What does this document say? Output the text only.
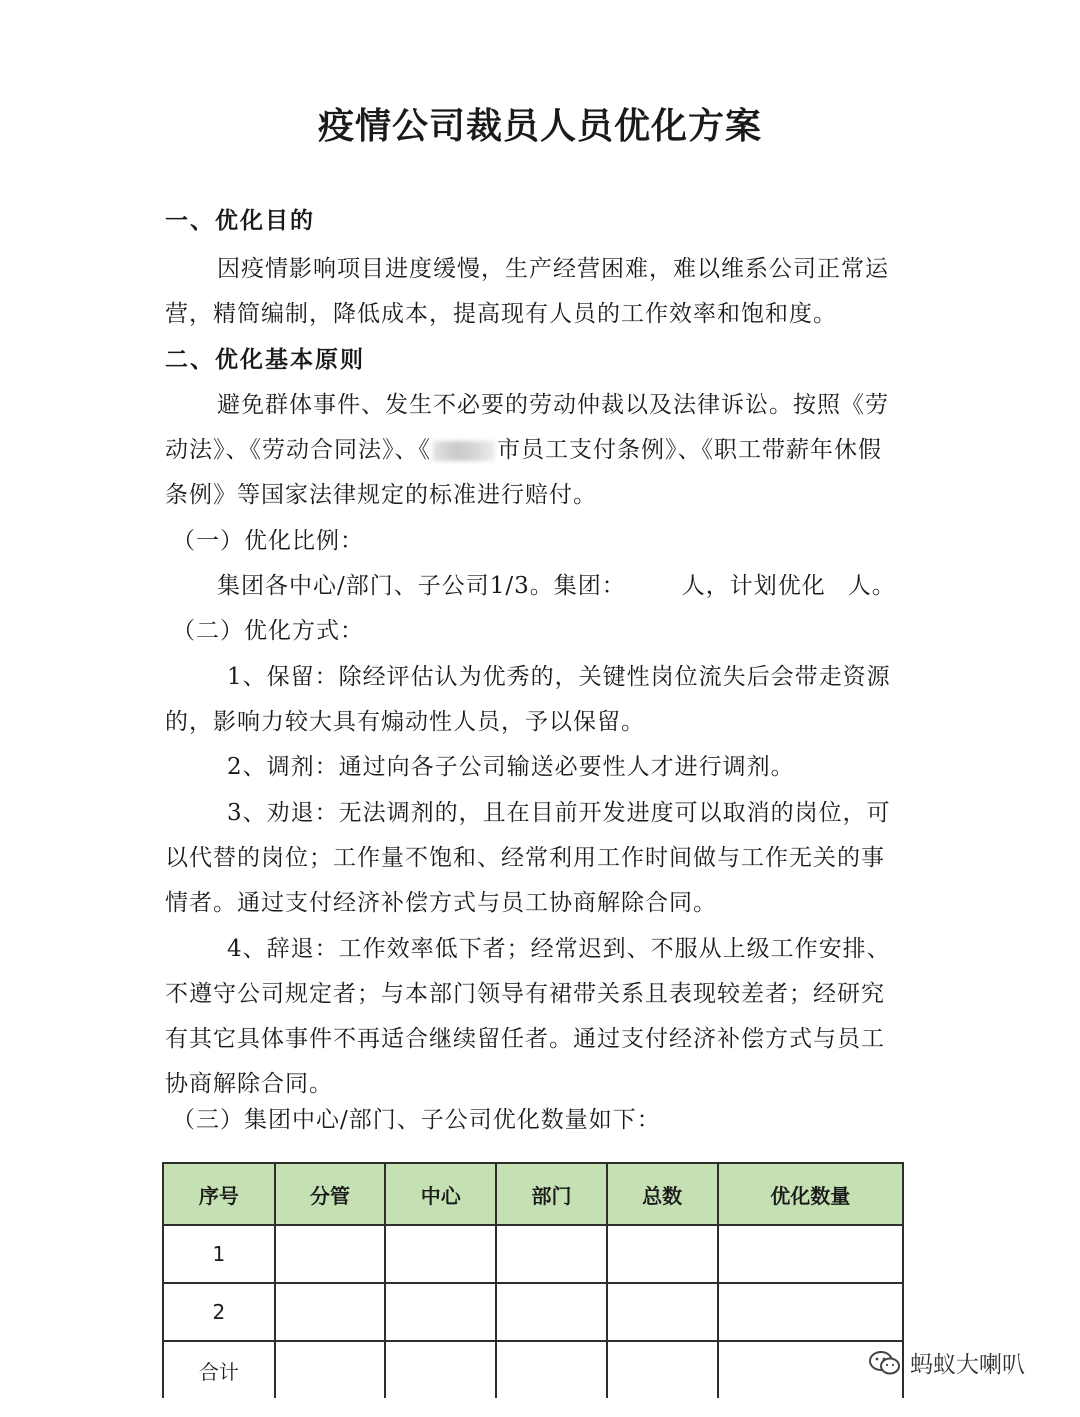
疫情公司裁员人员优化方案
一、优化目的
因疫情影响项目进度缓慢，生产经营困难，难以维系公司正常运
营，精简编制，降低成本，提高现有人员的工作效率和饱和度。
二、优化基本原则
避免群体事件、发生不必要的劳动仲裁以及法律诉讼。按照《劳
动法》、《劳动合同法》、《	市员工支付条例》、《职工带薪年休假
条例》等国家法律规定的标准进行赔付。
（一）优化比例：
集团各中心/部门、子公司1/3。集团： 人，计划优化 人。
（二）优化方式：
1、保留：除经评估认为优秀的，关键性岗位流失后会带走资源
的，影响力较大具有煽动性人员，予以保留。
2、调剂：通过向各子公司输送必要性人才进行调剂。
3、劝退：无法调剂的，且在目前开发进度可以取消的岗位，可
以代替的岗位；工作量不饱和、经常利用工作时间做与工作无关的事
情者。通过支付经济补偿方式与员工协商解除合同。
4、辞退：工作效率低下者；经常迟到、不服从上级工作安排、
不遵守公司规定者；与本部门领导有裙带关系且表现较差者；经研究
有其它具体事件不再适合继续留任者。通过支付经济补偿方式与员工
协商解除合同。
（三）集团中心/部门、子公司优化数量如下：
序号	分管	中心	部门	总数	优化数量
1					
2					
合计						蚂蚁大喇叭
